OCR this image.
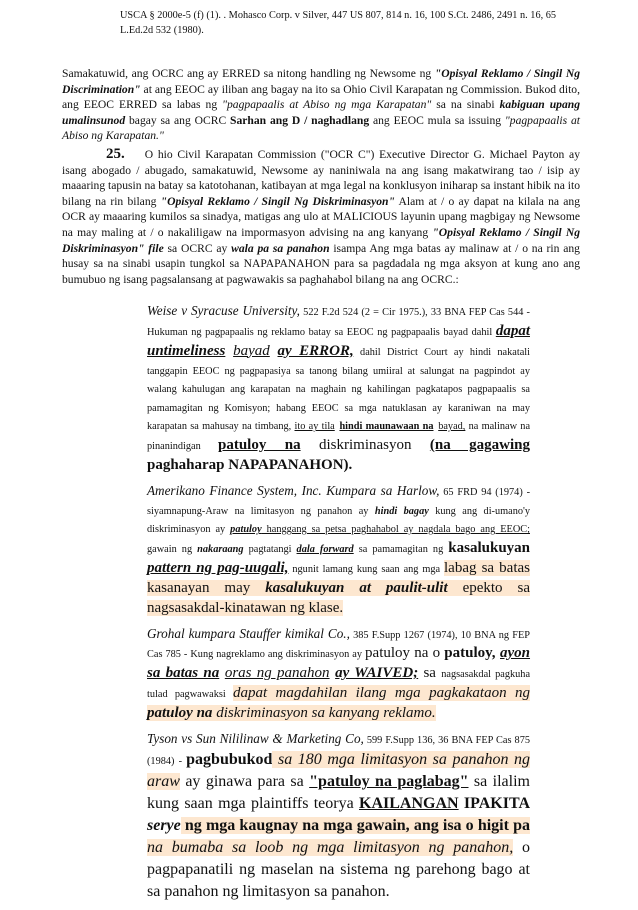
USCA § 2000e-5 (f) (1). . Mohasco Corp. v Silver, 447 US 807, 814 n. 16, 100 S.Ct. 2486, 2491 n. 16, 65 L.Ed.2d 532 (1980).
Samakatuwid, ang OCRC ang ay ERRED sa nitong handling ng Newsome ng "Opisyal Reklamo / Singil Ng Discrimination" at ang EEOC ay iliban ang bagay na ito sa Ohio Civil Karapatan ng Commission. Bukod dito, ang EEOC ERRED sa labas ng "pagpapaalis at Abiso ng mga Karapatan" sa na sinabi kabiguan upang umalinsunod bagay sa ang OCRC Sarhan ang D / naghadlang ang EEOC mula sa issuing "pagpapaalis at Abiso ng Karapatan."
25. O hio Civil Karapatan Commission ("OCR C") Executive Director G. Michael Payton ay isang abogado / abugado, samakatuwid, Newsome ay naniniwala na ang isang makatwirang tao / isip ay maaaring tapusin na batay sa katotohanan, katibayan at mga legal na konklusyon iniharap sa instant hibik na ito bilang na rin bilang "Opisyal Reklamo / Singil Ng Diskriminasyon" Alam at / o ay dapat na kilala na ang OCR ay maaaring kumilos sa sinadya, matigas ang ulo at MALICIOUS layunin upang magbigay ng Newsome na may maling at / o nakaliligaw na impormasyon advising na ang kanyang "Opisyal Reklamo / Singil Ng Diskriminasyon" file sa OCRC ay wala pa sa panahon isampa Ang mga batas ay malinaw at / o na rin ang husay sa na sinabi usapin tungkol sa NAPAPANAHON para sa pagdadala ng mga aksyon at kung ano ang bumubuo ng isang pagsalansang at pagwawakis sa paghahabol bilang na ang OCRC.:
Weise v Syracuse University, 522 F.2d 524 (2 = Cir 1975.), 33 BNA FEP Cas 544 - Hukuman ng pagpapaalis ng reklamo batay sa EEOC ng pagpapaalis bayad dahil dapat untimeliness bayad ay ERROR, dahil District Court ay hindi nakatali tanggapin EEOC ng pagpapasiya sa tanong bilang umiiral at salungat na pagpindot ay walang kahulugan ang karapatan na maghain ng kahilingan pagkatapos pagpapaalis sa pamamagitan ng Komisyon; habang EEOC sa mga natuklasan ay karaniwan na may karapatan sa mahusay na timbang, ito ay tila hindi maunawaan na bayad, na malinaw na pinanindigan patuloy na diskriminasyon (na gagawing paghaharap NAPAPANAHON).
Amerikano Finance System, Inc. Kumpara sa Harlow, 65 FRD 94 (1974) - siyamnapung-Araw na limitasyon ng panahon ay hindi bagay kung ang di-umano'y diskriminasyon ay patuloy hanggang sa petsa paghahabol ay nagdala bago ang EEOC; gawain ng nakaraang pagtatangi dala forward sa pamamagitan ng kasalukuyan pattern ng pag-uugali, ngunit lamang kung saan ang mga labag sa batas kasanayan may kasalukuyan at paulit-ulit epekto sa nagsasakdal-kinatawan ng klase.
Grohal kumpara Stauffer kimikal Co., 385 F.Supp 1267 (1974), 10 BNA ng FEP Cas 785 - Kung nagreklamo ang diskriminasyon ay patuloy na o patuloy, ayon sa batas na oras ng panahon ay WAIVED; sa nagsasakdal pagkuha tulad pagwawaksi dapat magdahilan ilang mga pagkakataon ng patuloy na diskriminasyon sa kanyang reklamo.
Tyson vs Sun Nililinaw & Marketing Co, 599 F.Supp 136, 36 BNA FEP Cas 875 (1984) - pagbubukod sa 180 mga limitasyon sa panahon ng araw ay ginawa para sa "patuloy na paglabag" sa ilalim kung saan mga plaintiffs teorya KAILANGAN IPAKITA serye ng mga kaugnay na mga gawain, ang isa o higit pa na bumaba sa loob ng mga limitasyon ng panahon, o pagpapanatili ng maselan na sistema ng parehong bago at sa panahon ng limitasyon sa panahon.
